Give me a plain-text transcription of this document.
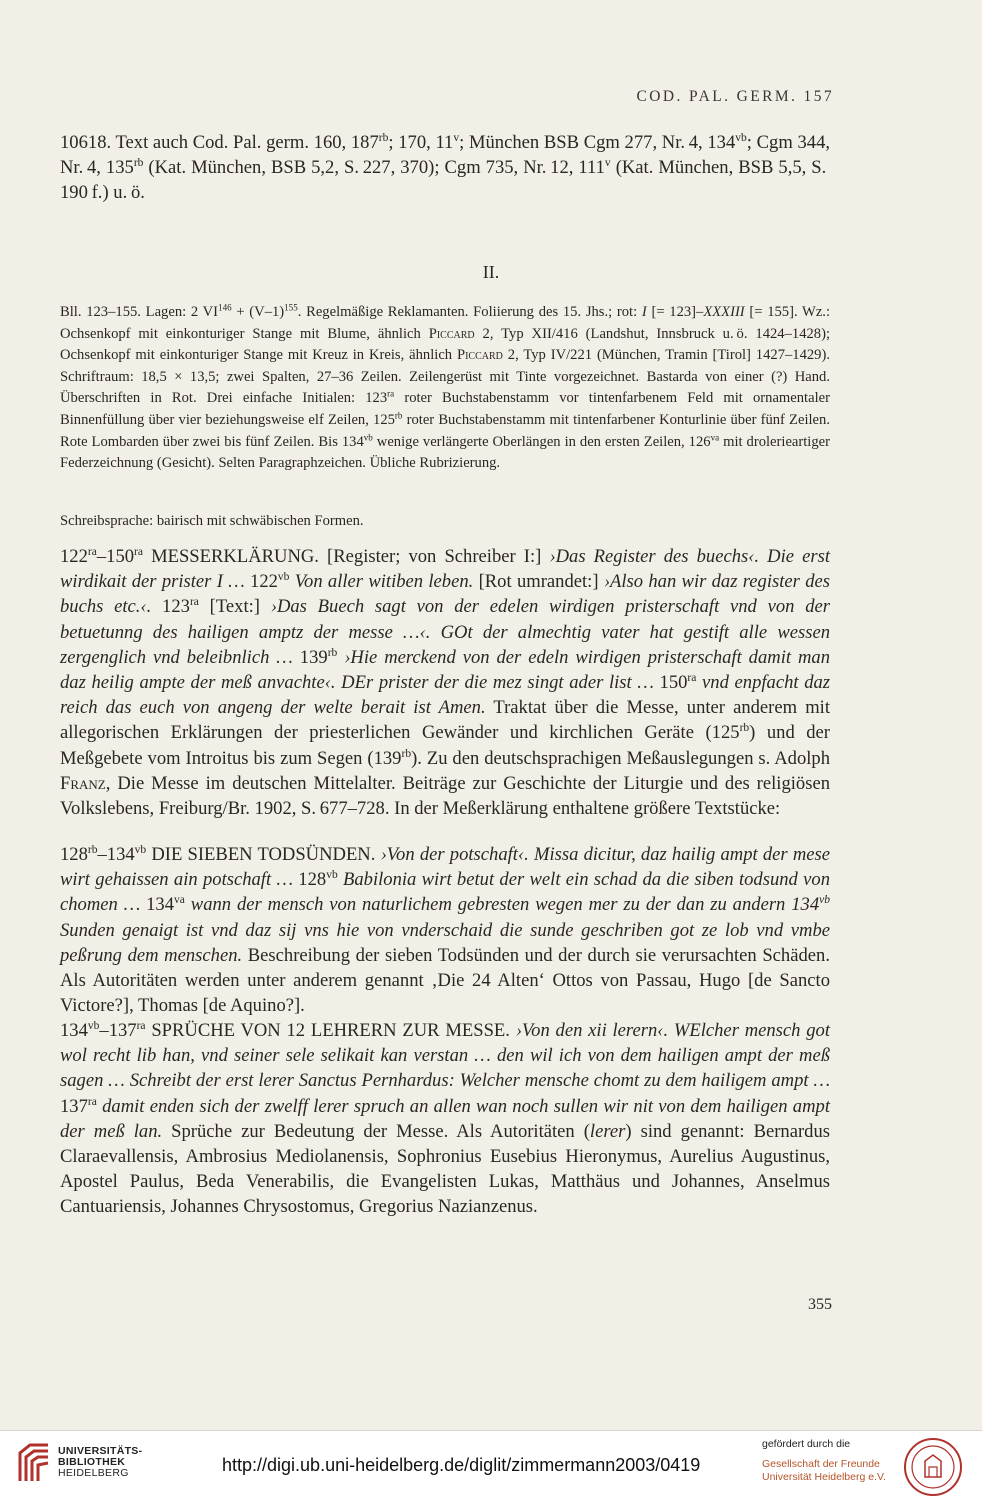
COD. PAL. GERM. 157
10618. Text auch Cod. Pal. germ. 160, $187^{rb}$; 170, 11$^v$; München BSB Cgm 277, Nr. 4, $134^{vb}$; Cgm 344, Nr. 4, $135^{rb}$ (Kat. München, BSB 5,2, S. 227, 370); Cgm 735, Nr. 12, 111$^v$ (Kat. München, BSB 5,5, S. 190 f.) u. ö.
II.
Bll. 123–155. Lagen: 2 $VI^{146} + (V-1)^{155}$. Regelmäßige Reklamanten. Foliierung des 15. Jhs.; rot: I [= 123]–XXXIII [= 155]. Wz.: Ochsenkopf mit einkonturiger Stange mit Blume, ähnlich Piccard 2, Typ XII/416 (Landshut, Innsbruck u. ö. 1424–1428); Ochsenkopf mit einkonturiger Stange mit Kreuz in Kreis, ähnlich Piccard 2, Typ IV/221 (München, Tramin [Tirol] 1427–1429). Schriftraum: 18,5 × 13,5; zwei Spalten, 27–36 Zeilen. Zeilengerüst mit Tinte vorgezeichnet. Bastarda von einer (?) Hand. Überschriften in Rot. Drei einfache Initialen: $123^{ra}$ roter Buchstabenstamm vor tintenfarbenem Feld mit ornamentaler Binnenfüllung über vier beziehungsweise elf Zeilen, $125^{rb}$ roter Buchstabenstamm mit tintenfarbener Konturlinie über fünf Zeilen. Rote Lombarden über zwei bis fünf Zeilen. Bis $134^{vb}$ wenige verlängerte Oberlängen in den ersten Zeilen, $126^{va}$ mit drolerieartiger Federzeichnung (Gesicht). Selten Paragraphzeichen. Übliche Rubrizierung.
Schreibsprache: bairisch mit schwäbischen Formen.
$122^{ra}-150^{ra}$ MESSERKLÄRUNG. [Register; von Schreiber I:] ›Das Register des buechs‹. Die erst wirdikait der prister I … $122^{vb}$ Von aller witiben leben. [Rot umrandet:] ›Also han wir daz register des buchs etc.‹. $123^{ra}$ [Text:] ›Das Buech sagt von der edelen wirdigen pristerschaft vnd von der betuetunng des hailigen amptz der messe …‹. GOt der almechtig vater hat gestift alle wessen zergenglich vnd beleibnlich … $139^{rb}$ ›Hie merckend von der edeln wirdigen pristerschaft damit man daz heilig ampte der meß anvachte‹. DEr prister der die mez singt ader list … $150^{ra}$ vnd enpfacht daz reich das euch von angeng der welte berait ist Amen. Traktat über die Messe, unter anderem mit allegorischen Erklärungen der priesterlichen Gewänder und kirchlichen Geräte $(125^{rb})$ und der Meßgebete vom Introitus bis zum Segen $(139^{rb})$. Zu den deutschsprachigen Meßauslegungen s. Adolph Franz, Die Messe im deutschen Mittelalter. Beiträge zur Geschichte der Liturgie und des religiösen Volkslebens, Freiburg/Br. 1902, S. 677–728. In der Meßerklärung enthaltene größere Textstücke:
$128^{rb}-134^{vb}$ DIE SIEBEN TODSÜNDEN. ›Von der potschaft‹. Missa dicitur, daz hailig ampt der mese wirt gehaissen ain potschaft … $128^{vb}$ Babilonia wirt betut der welt ein schad da die siben todsund von chomen … $134^{va}$ wann der mensch von naturlichem gebresten wegen mer zu der dan zu andern $134^{vb}$ Sunden genaigt ist vnd daz sij vns hie von vnderschaid die sunde geschriben got ze lob vnd vmbe peßrung dem menschen. Beschreibung der sieben Todsünden und der durch sie verursachten Schäden. Als Autoritäten werden unter anderem genannt ‚Die 24 Alten‘ Ottos von Passau, Hugo [de Sancto Victore?], Thomas [de Aquino?].
$134^{vb}-137^{ra}$ SPRÜCHE VON 12 LEHRERN ZUR MESSE. ›Von den xii lerern‹. WElcher mensch got wol recht lib han, vnd seiner sele selikait kan verstan … den wil ich von dem hailigen ampt der meß sagen … Schreibt der erst lerer Sanctus Pernhardus: Welcher mensche chomt zu dem hailigem ampt … $137^{ra}$ damit enden sich der zwelff lerer spruch an allen wan noch sullen wir nit von dem hailigen ampt der meß lan. Sprüche zur Bedeutung der Messe. Als Autoritäten (lerer) sind genannt: Bernardus Claraevallensis, Ambrosius Mediolanensis, Sophronius Eusebius Hieronymus, Aurelius Augustinus, Apostel Paulus, Beda Venerabilis, die Evangelisten Lukas, Matthäus und Johannes, Anselmus Cantuariensis, Johannes Chrysostomus, Gregorius Nazianzenus.
355
UNIVERSITÄTS-
BIBLIOTHEK
HEIDELBERG	http://digi.ub.uni-heidelberg.de/diglit/zimmermann2003/0419
gefördert durch die
Gesellschaft der Freunde
Universität Heidelberg e.V.
